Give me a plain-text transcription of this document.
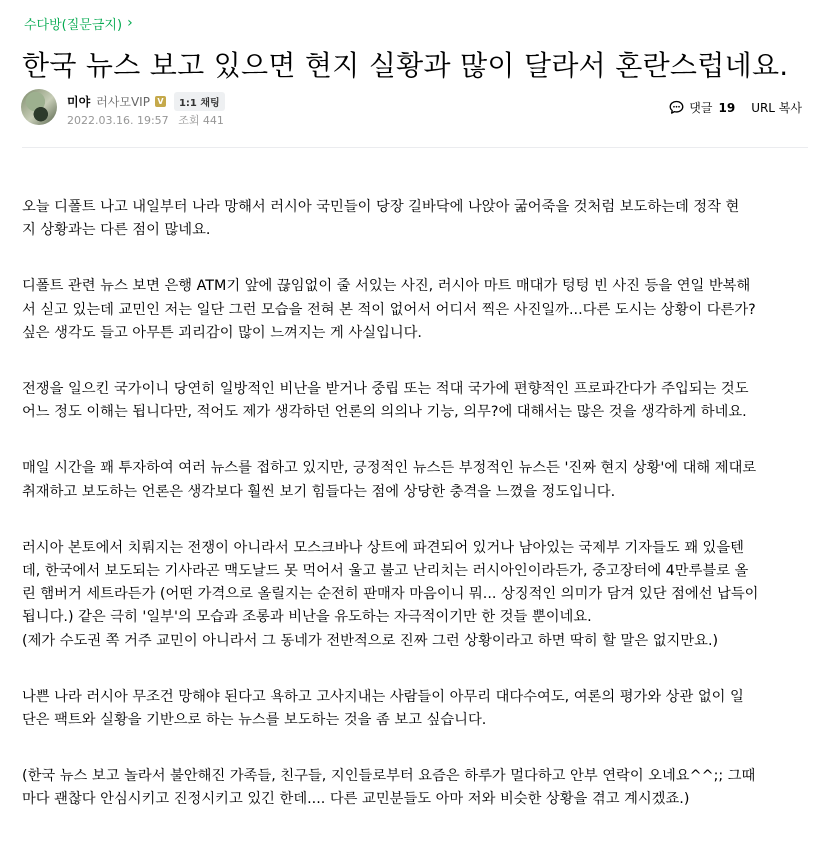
수다방(질문금지) ›
한국 뉴스 보고 있으면 현지 실황과 많이 달라서 혼란스럽네요.
미야 러사모VIP V	1:1 채팅
2022.03.16. 19:57 조회 441
댓글 19 URL 복사

오늘 디폴트 나고 내일부터 나라 망해서 러시아 국민들이 당장 길바닥에 나앉아 굶어죽을 것처럼 보도하는데 정작 현
지 상황과는 다른 점이 많네요.

디폴트 관련 뉴스 보면 은행 ATM기 앞에 끊임없이 줄 서있는 사진, 러시아 마트 매대가 텅텅 빈 사진 등을 연일 반복해
서 싣고 있는데 교민인 저는 일단 그런 모습을 전혀 본 적이 없어서 어디서 찍은 사진일까...다른 도시는 상황이 다른가?
싶은 생각도 들고 아무튼 괴리감이 많이 느껴지는 게 사실입니다.

전쟁을 일으킨 국가이니 당연히 일방적인 비난을 받거나 중립 또는 적대 국가에 편향적인 프로파간다가 주입되는 것도
어느 정도 이해는 됩니다만, 적어도 제가 생각하던 언론의 의의나 기능, 의무?에 대해서는 많은 것을 생각하게 하네요.

매일 시간을 꽤 투자하여 여러 뉴스를 접하고 있지만, 긍정적인 뉴스든 부정적인 뉴스든 '진짜 현지 상황'에 대해 제대로
취재하고 보도하는 언론은 생각보다 훨씬 보기 힘들다는 점에 상당한 충격을 느꼈을 정도입니다.

러시아 본토에서 치뤄지는 전쟁이 아니라서 모스크바나 상트에 파견되어 있거나 남아있는 국제부 기자들도 꽤 있을텐
데, 한국에서 보도되는 기사라곤 맥도날드 못 먹어서 울고 불고 난리치는 러시아인이라든가, 중고장터에 4만루블로 올
린 햄버거 세트라든가 (어떤 가격으로 올릴지는 순전히 판매자 마음이니 뭐... 상징적인 의미가 담겨 있단 점에선 납득이
됩니다.) 같은 극히 '일부'의 모습과 조롱과 비난을 유도하는 자극적이기만 한 것들 뿐이네요.
(제가 수도권 쪽 거주 교민이 아니라서 그 동네가 전반적으로 진짜 그런 상황이라고 하면 딱히 할 말은 없지만요.)

나쁜 나라 러시아 무조건 망해야 된다고 욕하고 고사지내는 사람들이 아무리 대다수여도, 여론의 평가와 상관 없이 일
단은 팩트와 실황을 기반으로 하는 뉴스를 보도하는 것을 좀 보고 싶습니다.

(한국 뉴스 보고 놀라서 불안해진 가족들, 친구들, 지인들로부터 요즘은 하루가 멀다하고 안부 연락이 오네요^^;; 그때
마다 괜찮다 안심시키고 진정시키고 있긴 한데.... 다른 교민분들도 아마 저와 비슷한 상황을 겪고 계시겠죠.)
